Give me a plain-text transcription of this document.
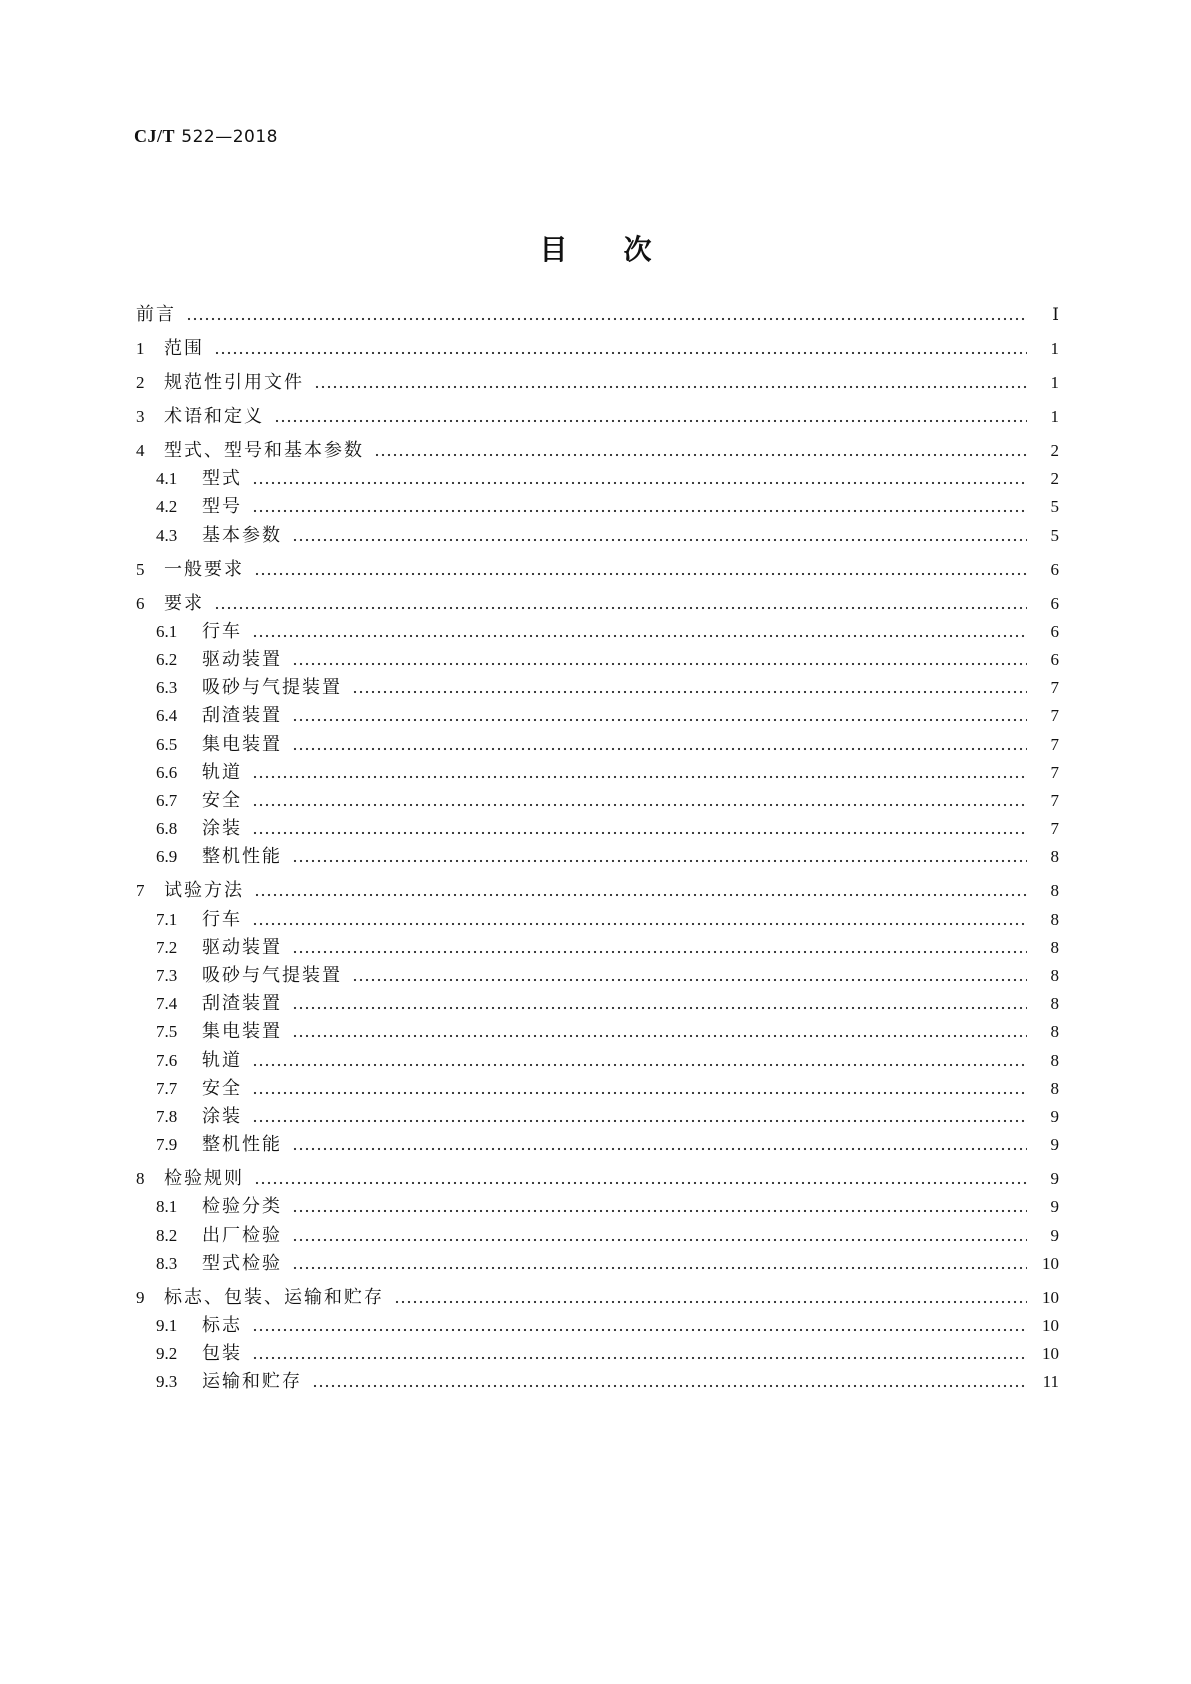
CJ/T 522—2018
目次
前言	Ⅰ
1	范围	1
2	规范性引用文件	1
3	术语和定义	1
4	型式、型号和基本参数	2
4.1	型式	2
4.2	型号	5
4.3	基本参数	5
5	一般要求	6
6	要求	6
6.1	行车	6
6.2	驱动装置	6
6.3	吸砂与气提装置	7
6.4	刮渣装置	7
6.5	集电装置	7
6.6	轨道	7
6.7	安全	7
6.8	涂装	7
6.9	整机性能	8
7	试验方法	8
7.1	行车	8
7.2	驱动装置	8
7.3	吸砂与气提装置	8
7.4	刮渣装置	8
7.5	集电装置	8
7.6	轨道	8
7.7	安全	8
7.8	涂装	9
7.9	整机性能	9
8	检验规则	9
8.1	检验分类	9
8.2	出厂检验	9
8.3	型式检验	10
9	标志、包装、运输和贮存	10
9.1	标志	10
9.2	包装	10
9.3	运输和贮存	11
